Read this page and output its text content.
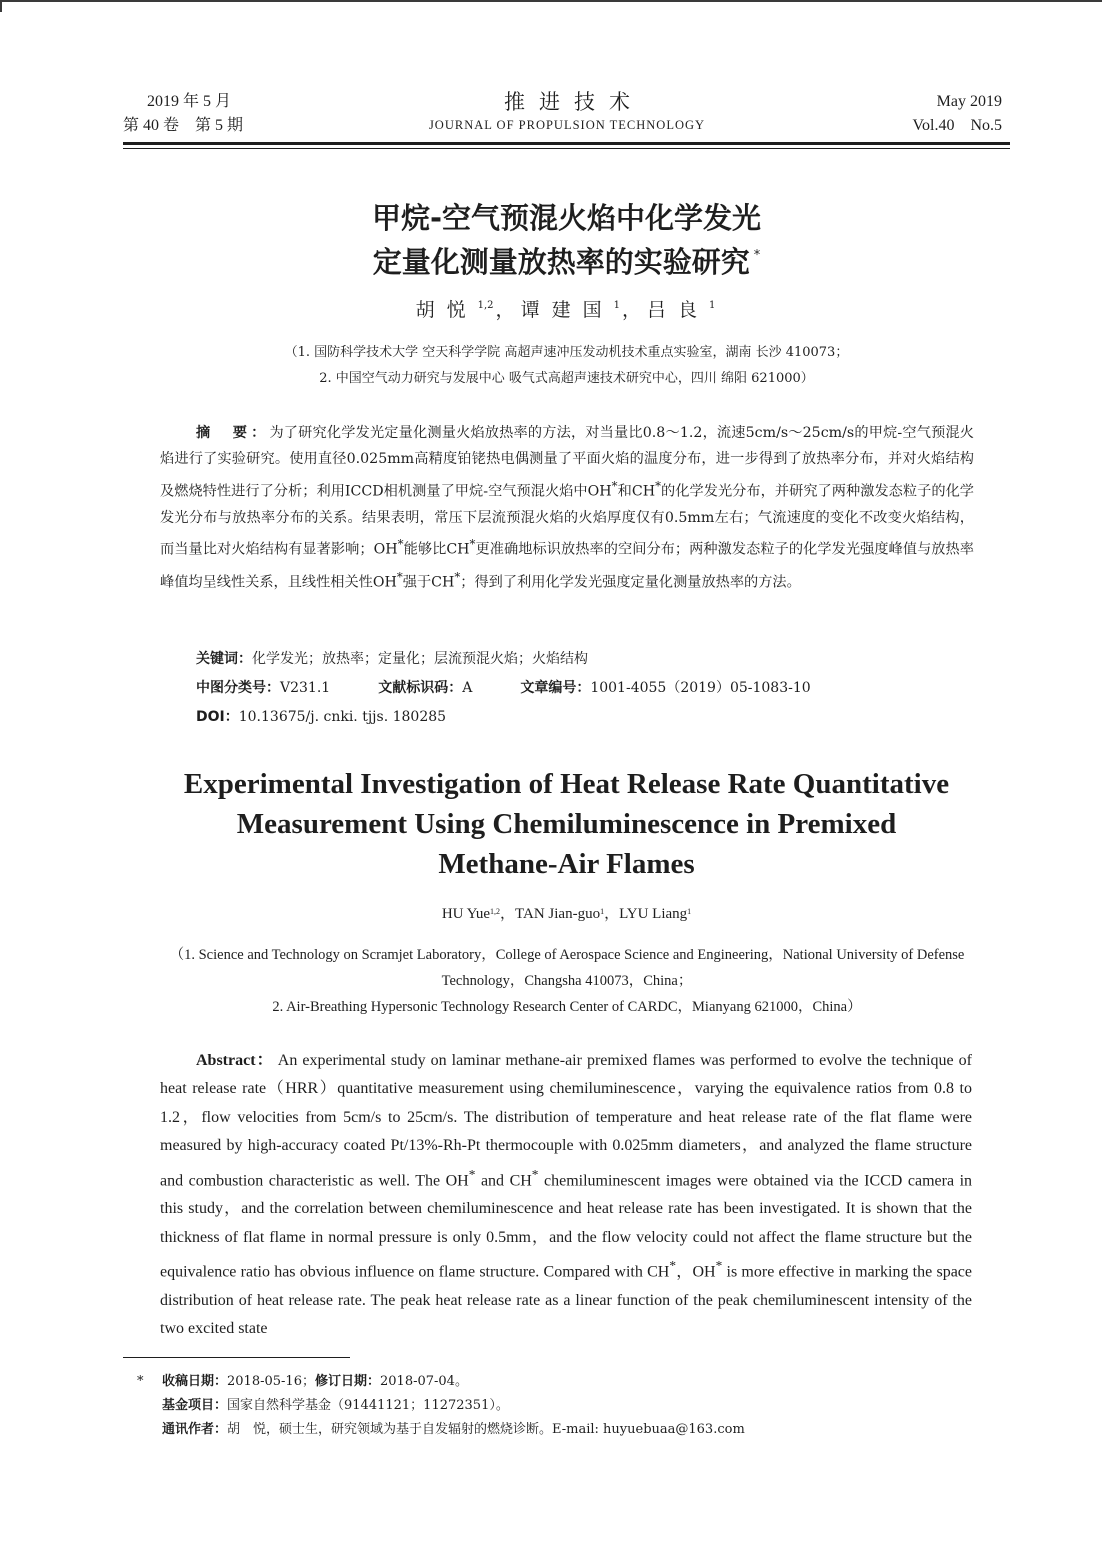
2019 年 5 月
第 40 卷　第 5 期
推进技术
JOURNAL OF PROPULSION TECHNOLOGY
May 2019
Vol.40　No.5
甲烷-空气预混火焰中化学发光
定量化测量放热率的实验研究 *
胡悦$^{1,2}$ ， 谭建国$^1$ ， 吕良$^1$
（1. 国防科学技术大学 空天科学学院 高超声速冲压发动机技术重点实验室，湖南 长沙 410073；
2. 中国空气动力研究与发展中心 吸气式高超声速技术研究中心，四川 绵阳 621000）
摘　要：为了研究化学发光定量化测量火焰放热率的方法，对当量比0.8～1.2，流速5cm/s～25cm/s的甲烷-空气预混火焰进行了实验研究。使用直径0.025mm高精度铂铑热电偶测量了平面火焰的温度分布，进一步得到了放热率分布，并对火焰结构及燃烧特性进行了分析；利用ICCD相机测量了甲烷-空气预混火焰中OH*和CH*的化学发光分布，并研究了两种激发态粒子的化学发光分布与放热率分布的关系。结果表明，常压下层流预混火焰的火焰厚度仅有0.5mm左右；气流速度的变化不改变火焰结构，而当量比对火焰结构有显著影响；OH*能够比CH*更准确地标识放热率的空间分布；两种激发态粒子的化学发光强度峰值与放热率峰值均呈线性关系，且线性相关性OH*强于CH*；得到了利用化学发光强度定量化测量放热率的方法。
关键词：化学发光；放热率；定量化；层流预混火焰；火焰结构
中图分类号：V231.1	文献标识码：A	文章编号：1001-4055（2019）05-1083-10
DOI：10.13675/j. cnki. tjjs. 180285
Experimental Investigation of Heat Release Rate Quantitative
Measurement Using Chemiluminescence in Premixed
Methane-Air Flames
HU Yue$^{1,2}$，TAN Jian-guo$^1$，LYU Liang$^1$
（1. Science and Technology on Scramjet Laboratory，College of Aerospace Science and Engineering，National University of Defense Technology，Changsha 410073，China；
2. Air-Breathing Hypersonic Technology Research Center of CARDC，Mianyang 621000，China）
Abstract： An experimental study on laminar methane-air premixed flames was performed to evolve the technique of heat release rate（HRR）quantitative measurement using chemiluminescence，varying the equivalence ratios from 0.8 to 1.2，flow velocities from 5cm/s to 25cm/s. The distribution of temperature and heat release rate of the flat flame were measured by high-accuracy coated Pt/13%-Rh-Pt thermocouple with 0.025mm diameters，and analyzed the flame structure and combustion characteristic as well. The OH* and CH* chemiluminescent images were obtained via the ICCD camera in this study，and the correlation between chemiluminescence and heat release rate has been investigated. It is shown that the thickness of flat flame in normal pressure is only 0.5mm，and the flow velocity could not affect the flame structure but the equivalence ratio has obvious influence on flame structure. Compared with CH*，OH* is more effective in marking the space distribution of heat release rate. The peak heat release rate as a linear function of the peak chemiluminescent intensity of the two excited state
* 收稿日期：2018-05-16；修订日期：2018-07-04。
基金项目：国家自然科学基金（91441121；11272351）。
通讯作者：胡　悦，硕士生，研究领域为基于自发辐射的燃烧诊断。E-mail: huyuebuaa@163.com
